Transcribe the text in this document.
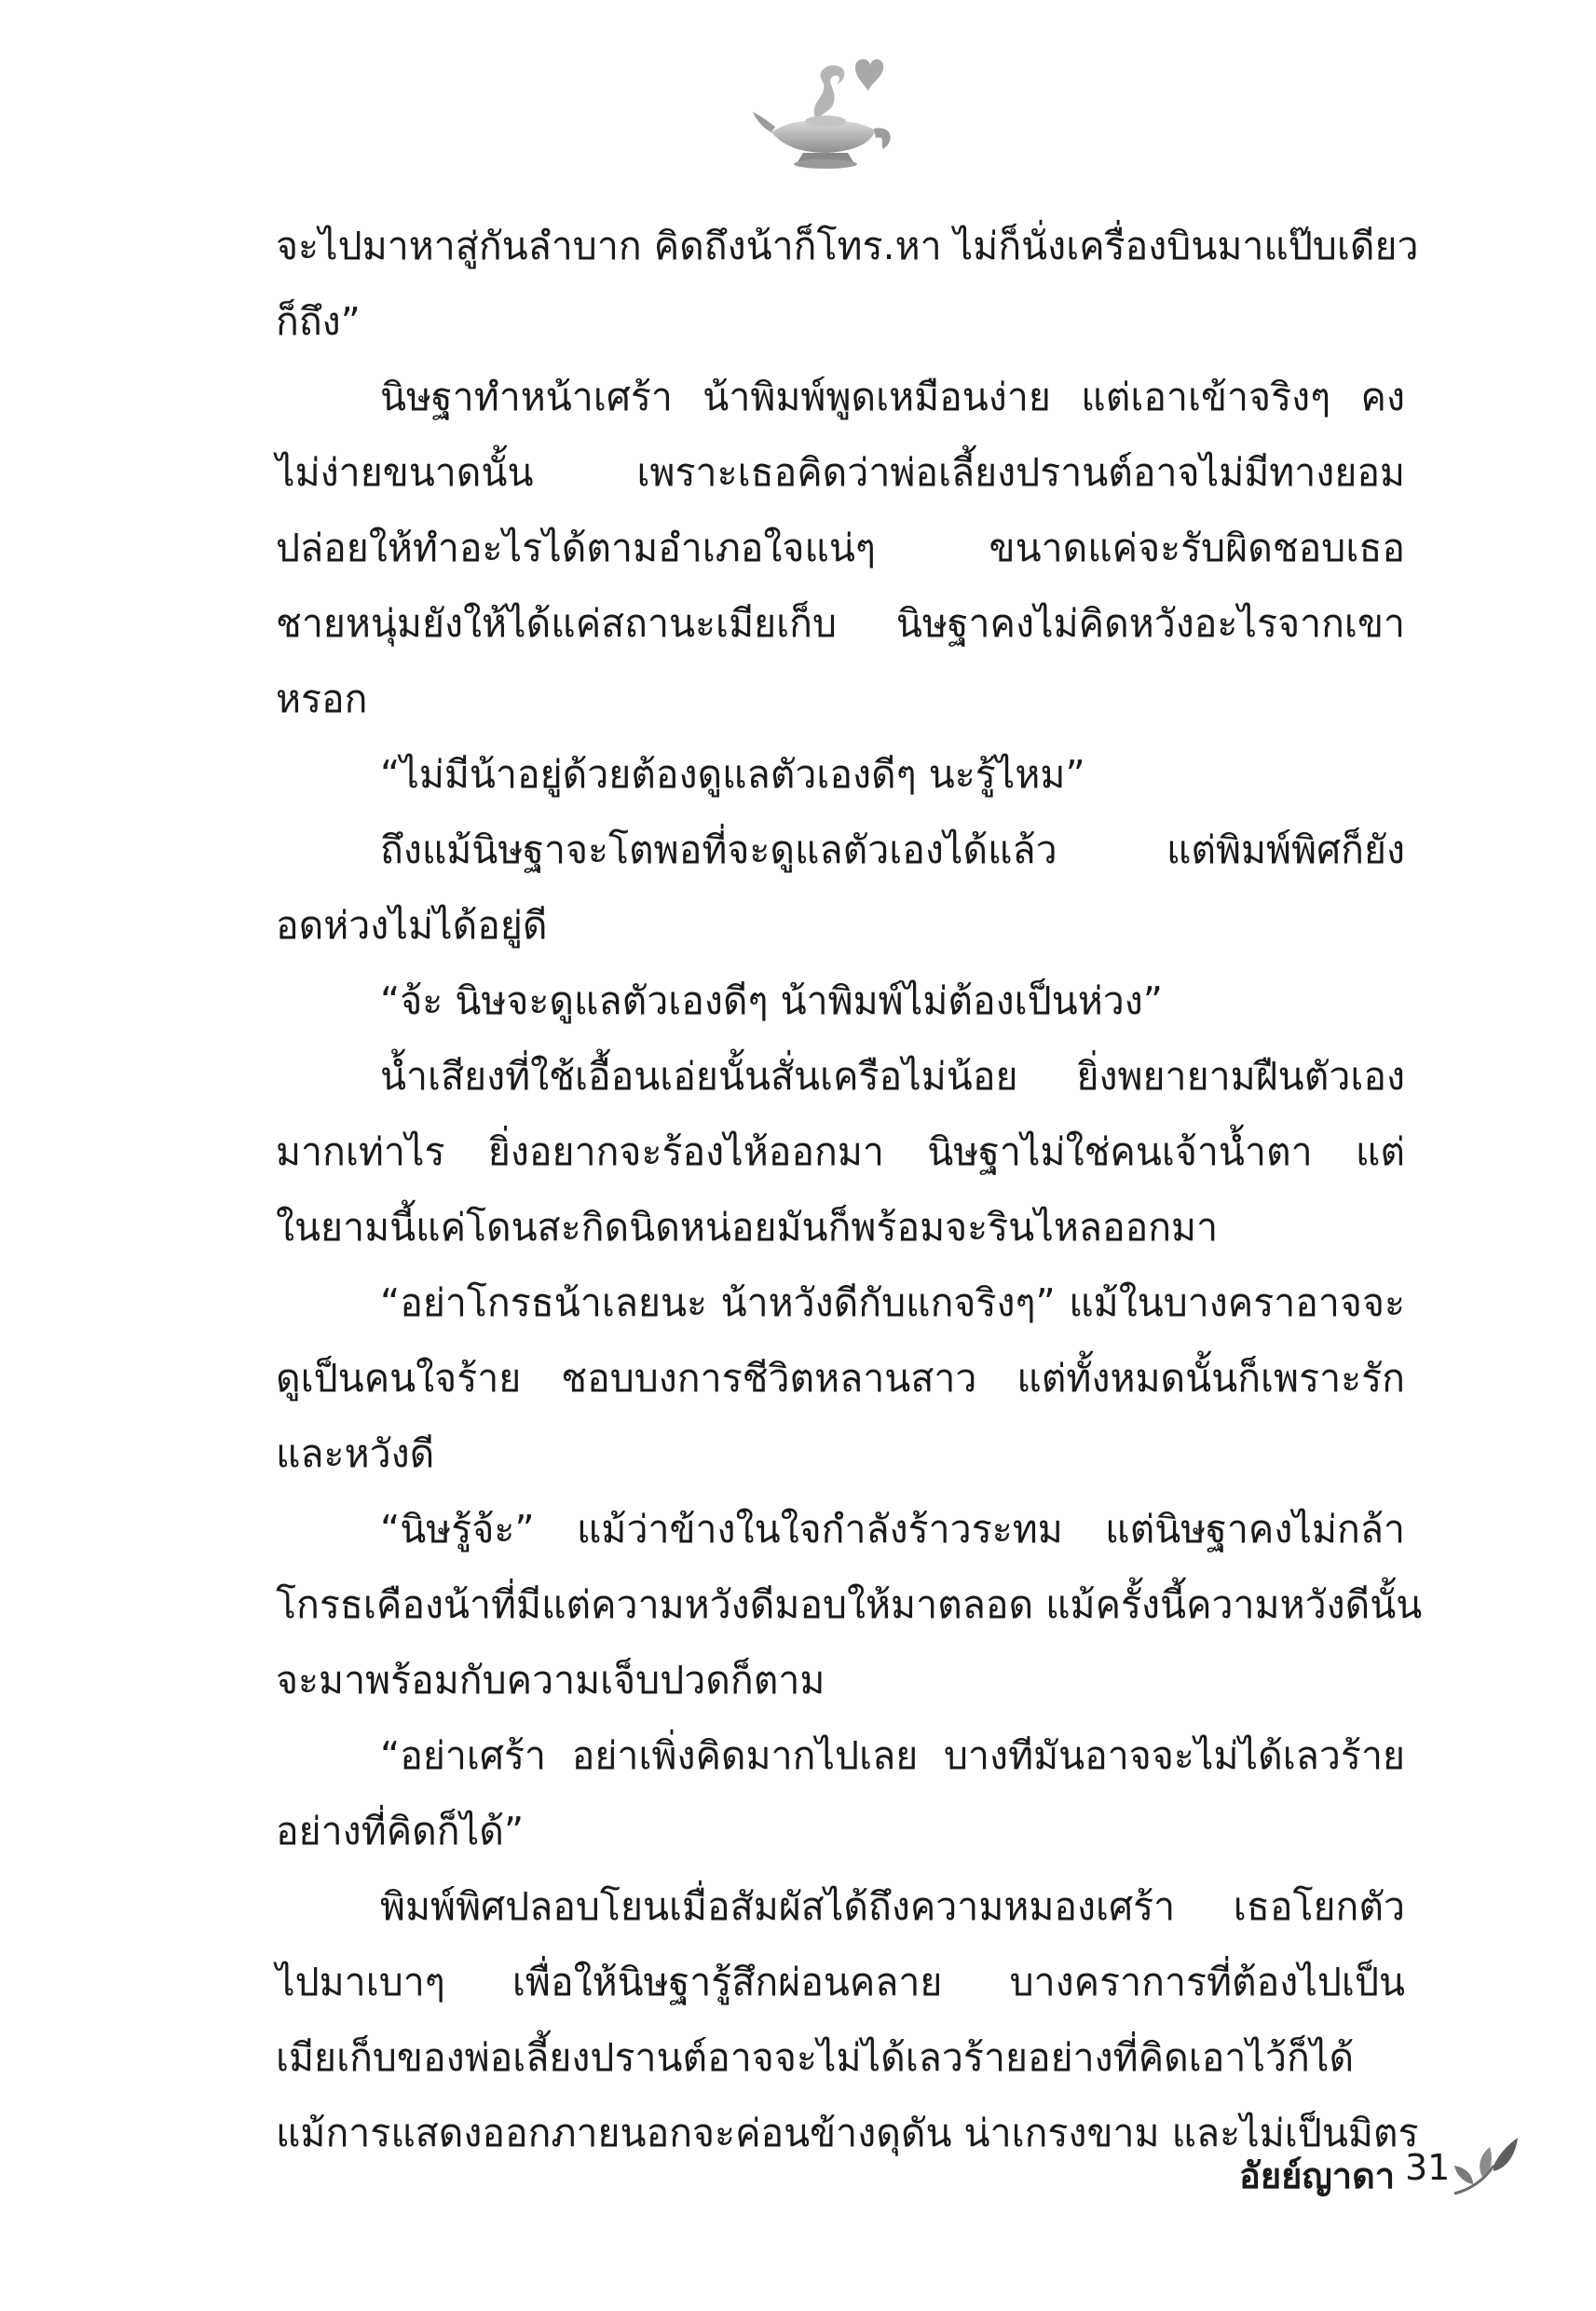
จะไปมาหาสู่กันลำบาก คิดถึงน้าก็โทร.หา ไม่ก็นั่งเครื่องบินมาแป๊บเดียว
ก็ถึง”
นิษฐาทำหน้าเศร้า น้าพิมพ์พูดเหมือนง่าย แต่เอาเข้าจริงๆ คง
ไม่ง่ายขนาดนั้น เพราะเธอคิดว่าพ่อเลี้ยงปรานต์อาจไม่มีทางยอม
ปล่อยให้ทำอะไรได้ตามอำเภอใจแน่ๆ ขนาดแค่จะรับผิดชอบเธอ
ชายหนุ่มยังให้ได้แค่สถานะเมียเก็บ นิษฐาคงไม่คิดหวังอะไรจากเขา
หรอก
“ไม่มีน้าอยู่ด้วยต้องดูแลตัวเองดีๆ นะรู้ไหม”
ถึงแม้นิษฐาจะโตพอที่จะดูแลตัวเองได้แล้ว แต่พิมพ์พิศก็ยัง
อดห่วงไม่ได้อยู่ดี
“จ้ะ นิษจะดูแลตัวเองดีๆ น้าพิมพ์ไม่ต้องเป็นห่วง”
น้ำเสียงที่ใช้เอื้อนเอ่ยนั้นสั่นเครือไม่น้อย ยิ่งพยายามฝืนตัวเอง
มากเท่าไร ยิ่งอยากจะร้องไห้ออกมา นิษฐาไม่ใช่คนเจ้าน้ำตา แต่
ในยามนี้แค่โดนสะกิดนิดหน่อยมันก็พร้อมจะรินไหลออกมา
“อย่าโกรธน้าเลยนะ น้าหวังดีกับแกจริงๆ” แม้ในบางคราอาจจะ
ดูเป็นคนใจร้าย ชอบบงการชีวิตหลานสาว แต่ทั้งหมดนั้นก็เพราะรัก
และหวังดี
“นิษรู้จ้ะ” แม้ว่าข้างในใจกำลังร้าวระทม แต่นิษฐาคงไม่กล้า
โกรธเคืองน้าที่มีแต่ความหวังดีมอบให้มาตลอด แม้ครั้งนี้ความหวังดีนั้น
จะมาพร้อมกับความเจ็บปวดก็ตาม
“อย่าเศร้า อย่าเพิ่งคิดมากไปเลย บางทีมันอาจจะไม่ได้เลวร้าย
อย่างที่คิดก็ได้”
พิมพ์พิศปลอบโยนเมื่อสัมผัสได้ถึงความหมองเศร้า เธอโยกตัว
ไปมาเบาๆ เพื่อให้นิษฐารู้สึกผ่อนคลาย บางคราการที่ต้องไปเป็น
เมียเก็บของพ่อเลี้ยงปรานต์อาจจะไม่ได้เลวร้ายอย่างที่คิดเอาไว้ก็ได้
แม้การแสดงออกภายนอกจะค่อนข้างดุดัน น่าเกรงขาม และไม่เป็นมิตร
อัยย์ญาดา 31
